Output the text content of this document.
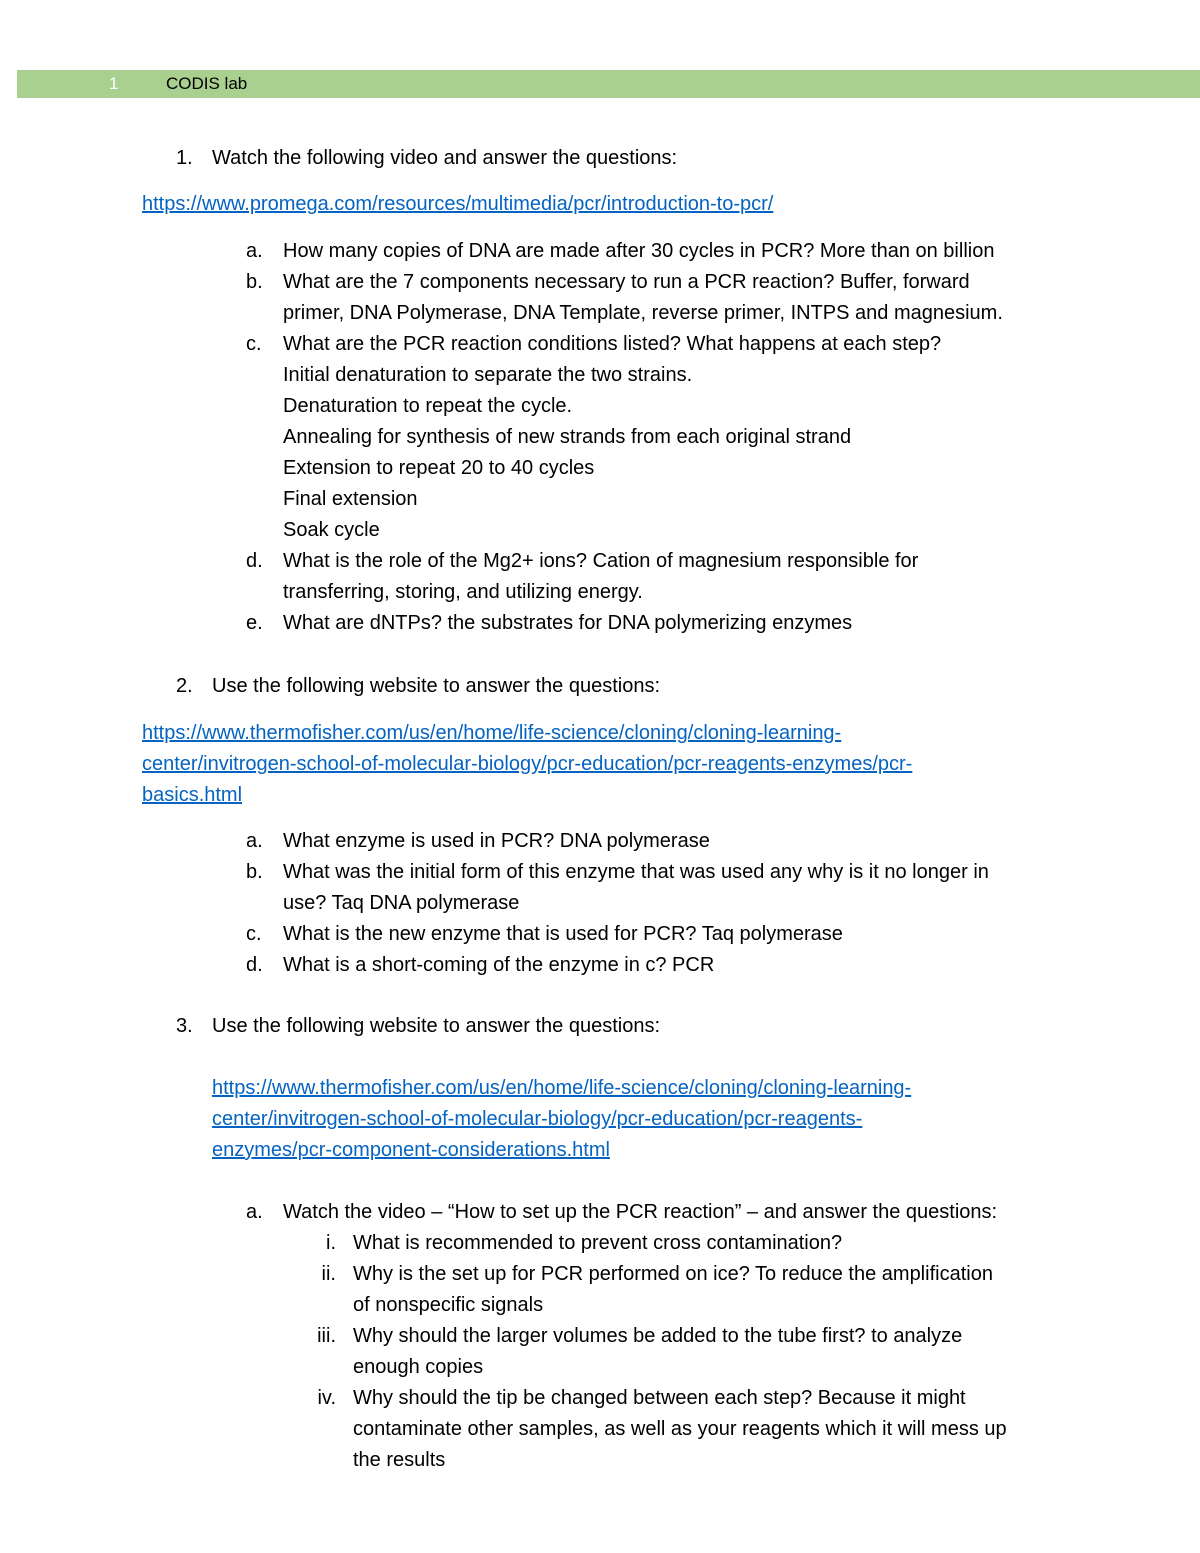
1	CODIS lab
1. Watch the following video and answer the questions:
https://www.promega.com/resources/multimedia/pcr/introduction-to-pcr/
2. Use the following website to answer the questions:
https://www.thermofisher.com/us/en/home/life-science/cloning/cloning-learning-
center/invitrogen-school-of-molecular-biology/pcr-education/pcr-reagents-enzymes/pcr-
basics.html
3. Use the following website to answer the questions:
https://www.thermofisher.com/us/en/home/life-science/cloning/cloning-learning-
center/invitrogen-school-of-molecular-biology/pcr-education/pcr-reagents-
enzymes/pcr-component-considerations.html
a. Watch the video – “How to set up the PCR reaction” – and answer the questions:
a. How many copies of DNA are made after 30 cycles in PCR? More than on billion
b. What are the 7 components necessary to run a PCR reaction? Buffer, forward
primer, DNA Polymerase, DNA Template, reverse primer, INTPS and magnesium.
c. What are the PCR reaction conditions listed? What happens at each step?
Initial denaturation to separate the two strains.
Denaturation to repeat the cycle.
Annealing for synthesis of new strands from each original strand
Extension to repeat 20 to 40 cycles
Final extension
Soak cycle
d. What is the role of the Mg2+ ions? Cation of magnesium responsible for
transferring, storing, and utilizing energy.
e. What are dNTPs? the substrates for DNA polymerizing enzymes
a. What enzyme is used in PCR? DNA polymerase
b. What was the initial form of this enzyme that was used any why is it no longer in
use? Taq DNA polymerase
c. What is the new enzyme that is used for PCR? Taq polymerase
d. What is a short-coming of the enzyme in c? PCR
i. What is recommended to prevent cross contamination?
ii. Why is the set up for PCR performed on ice? To reduce the amplification
of nonspecific signals
iii. Why should the larger volumes be added to the tube first? to analyze
enough copies
iv. Why should the tip be changed between each step? Because it might
contaminate other samples, as well as your reagents which it will mess up
the results
